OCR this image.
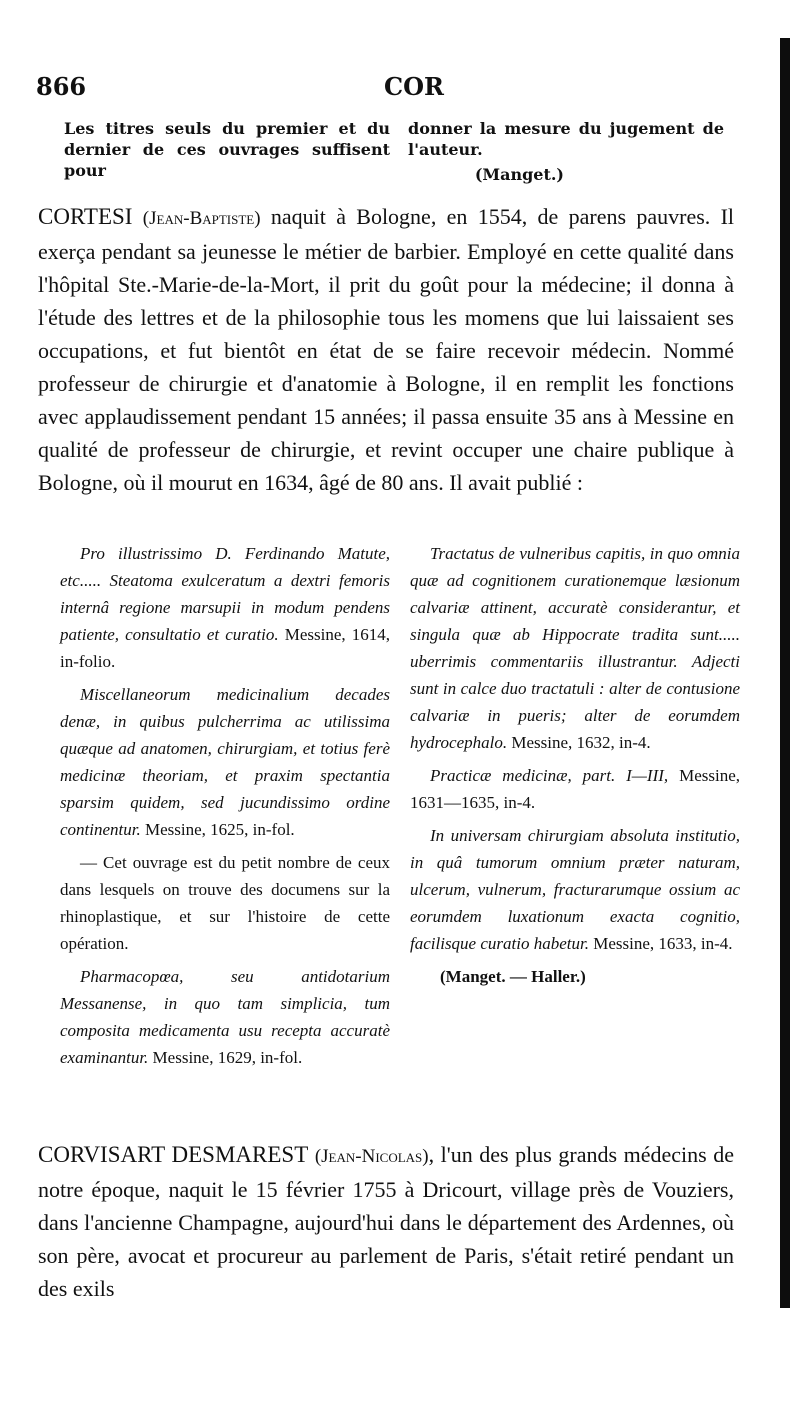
866	COR

Les titres seuls du premier et du dernier de ces ouvrages suffisent pour

donner la mesure du jugement de l'auteur.

(Manget.)

CORTESI (Jean-Baptiste) naquit à Bologne, en 1554, de parens pauvres. Il exerça pendant sa jeunesse le métier de barbier. Employé en cette qualité dans l'hôpital Ste.-Marie-de-la-Mort, il prit du goût pour la médecine; il donna à l'étude des lettres et de la philosophie tous les momens que lui laissaient ses occupations, et fut bientôt en état de se faire recevoir médecin. Nommé professeur de chirurgie et d'anatomie à Bologne, il en remplit les fonctions avec applaudissement pendant 15 années; il passa ensuite 35 ans à Messine en qualité de professeur de chirurgie, et revint occuper une chaire publique à Bologne, où il mourut en 1634, âgé de 80 ans. Il avait publié :

Pro illustrissimo D. Ferdinando Matute, etc..... Steatoma exulceratum a dextri femoris internâ regione marsupii in modum pendens patiente, consultatio et curatio. Messine, 1614, in-folio.

Miscellaneorum medicinalium decades denæ, in quibus pulcherrima ac utilissima quæque ad anatomen, chirurgiam, et totius ferè medicinæ theoriam, et praxim spectantia sparsim quidem, sed jucundissimo ordine continentur. Messine, 1625, in-fol.

— Cet ouvrage est du petit nombre de ceux dans lesquels on trouve des documens sur la rhinoplastique, et sur l'histoire de cette opération.

Pharmacopœa, seu antidotarium Messanense, in quo tam simplicia, tum composita medicamenta usu recepta accuratè examinantur. Messine, 1629, in-fol.

Tractatus de vulneribus capitis, in quo omnia quæ ad cognitionem curationemque læsionum calvariæ attinent, accuratè considerantur, et singula quæ ab Hippocrate tradita sunt..... uberrimis commentariis illustrantur. Adjecti sunt in calce duo tractatuli : alter de contusione calvariæ in pueris; alter de eorumdem hydrocephalo. Messine, 1632, in-4.

Practicæ medicinæ, part. I—III, Messine, 1631—1635, in-4.

In universam chirurgiam absoluta institutio, in quâ tumorum omnium præter naturam, ulcerum, vulnerum, fracturarumque ossium ac eorumdem luxationum exacta cognitio, facilisque curatio habetur. Messine, 1633, in-4.

(Manget. — Haller.)

CORVISART DESMAREST (Jean-Nicolas), l'un des plus grands médecins de notre époque, naquit le 15 février 1755 à Dricourt, village près de Vouziers, dans l'ancienne Champagne, aujourd'hui dans le département des Ardennes, où son père, avocat et procureur au parlement de Paris, s'était retiré pendant un des exils
